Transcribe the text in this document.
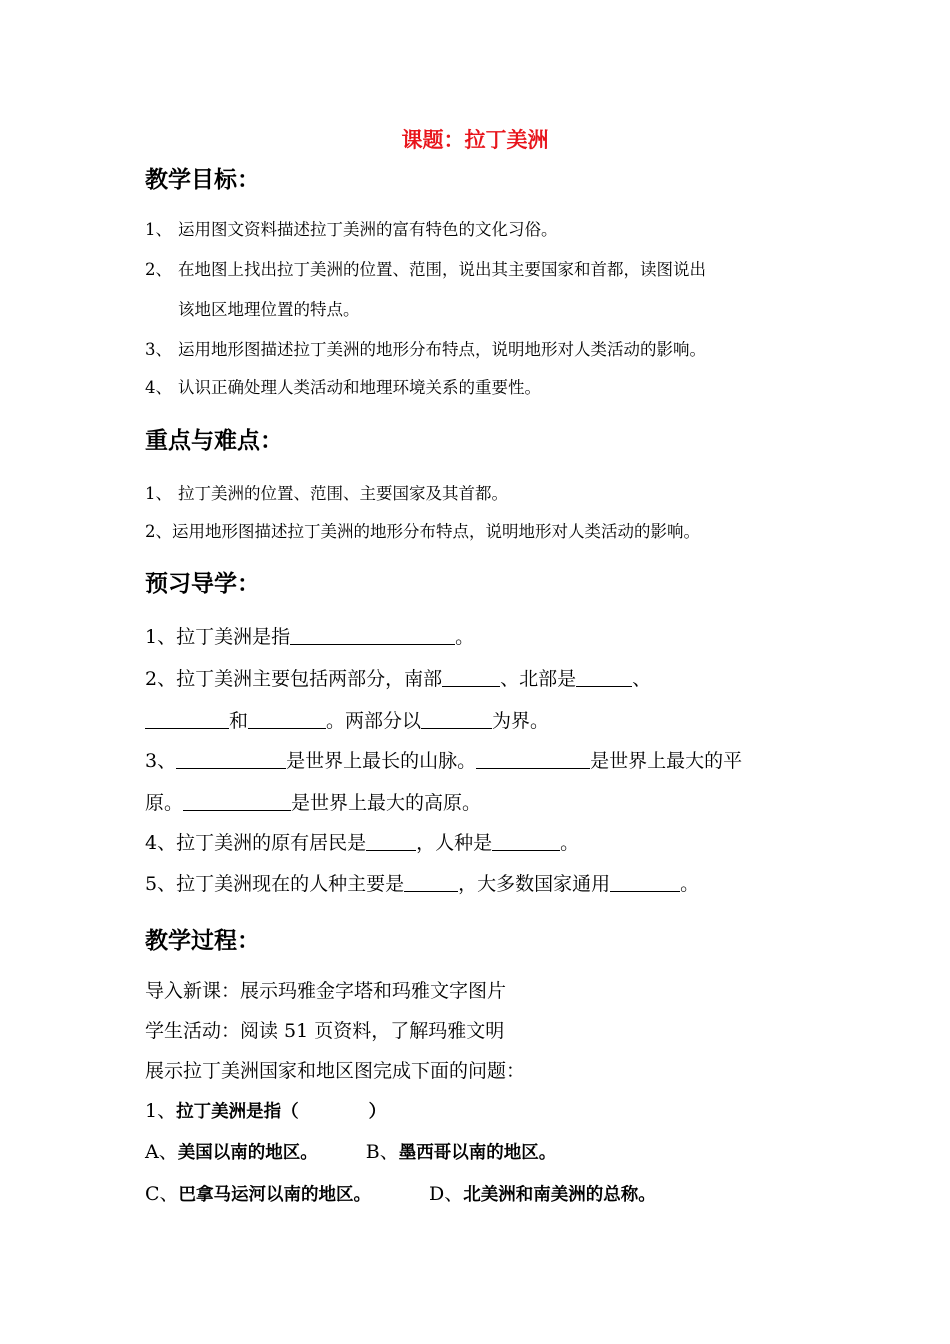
课题：拉丁美洲
教学目标：
1、 运用图文资料描述拉丁美洲的富有特色的文化习俗。
2、 在地图上找出拉丁美洲的位置、范围，说出其主要国家和首都，读图说出
该地区地理位置的特点。
3、 运用地形图描述拉丁美洲的地形分布特点，说明地形对人类活动的影响。
4、 认识正确处理人类活动和地理环境关系的重要性。
重点与难点：
1、 拉丁美洲的位置、范围、主要国家及其首都。
2、运用地形图描述拉丁美洲的地形分布特点，说明地形对人类活动的影响。
预习导学：
1、拉丁美洲是指	。
2、拉丁美洲主要包括两部分，南部	、北部是	、
和	。两部分以	为界。
3、	是世界上最长的山脉。	是世界上最大的平
原。	是世界上最大的高原。
4、拉丁美洲的原有居民是	，人种是	。
5、拉丁美洲现在的人种主要是	，大多数国家通用	。
教学过程：
导入新课：展示玛雅金字塔和玛雅文字图片
学生活动：阅读 51 页资料，了解玛雅文明
展示拉丁美洲国家和地区图完成下面的问题：
1、拉丁美洲是指（　　　　）
A、美国以南的地区。	B、墨西哥以南的地区。
C、巴拿马运河以南的地区。	D、北美洲和南美洲的总称。
